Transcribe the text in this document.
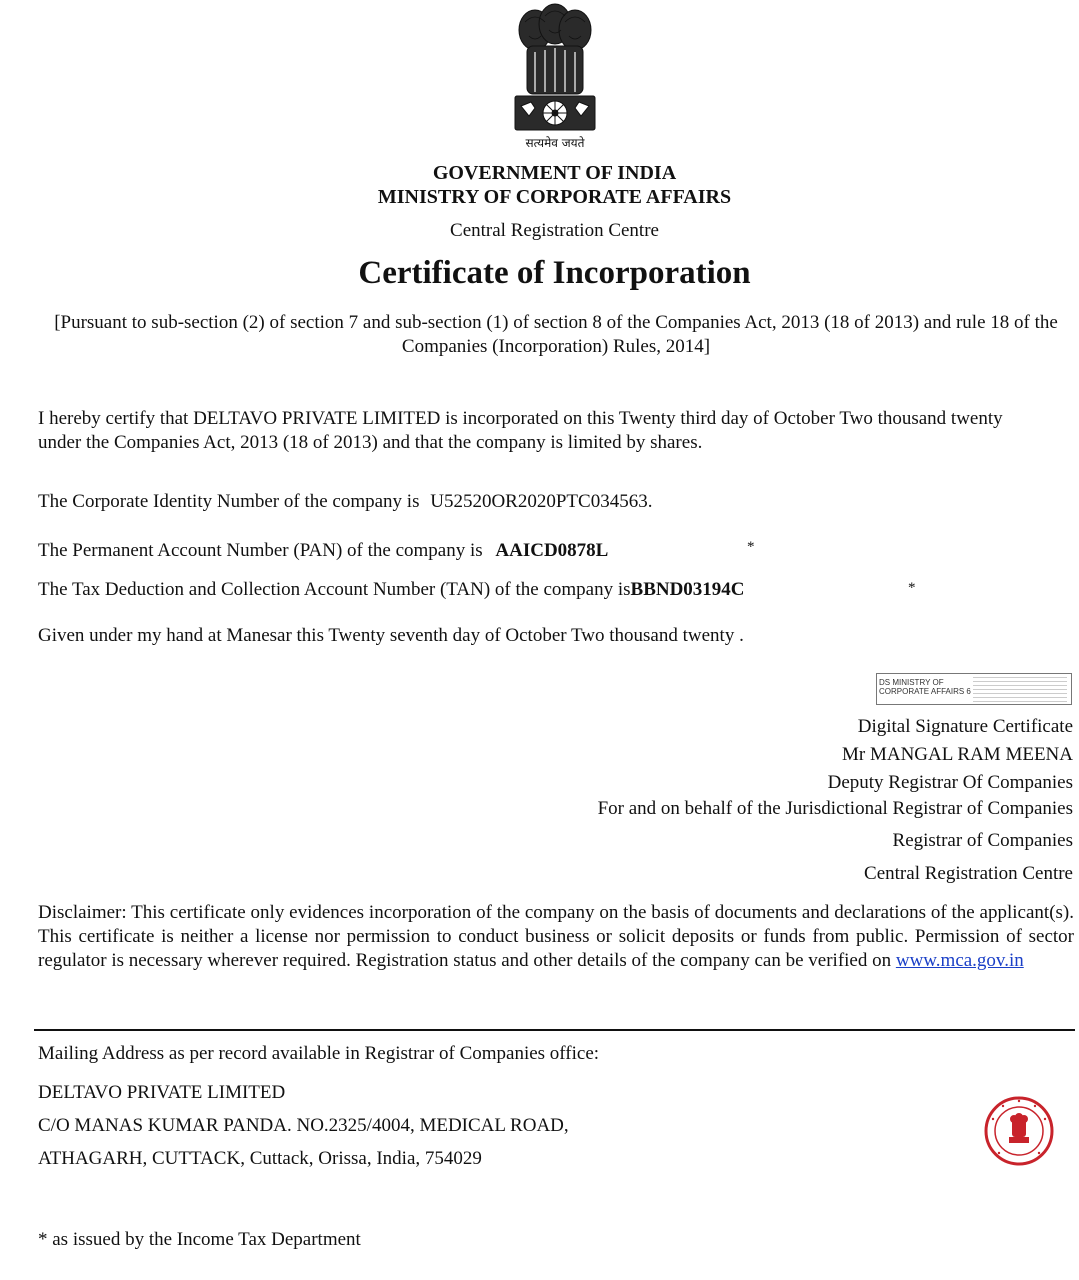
सत्यमेव जयते
GOVERNMENT OF INDIA
MINISTRY OF CORPORATE AFFAIRS
Central Registration Centre
Certificate of Incorporation
[Pursuant to sub-section (2) of section 7 and sub-section (1) of section 8 of the Companies Act, 2013 (18 of 2013) and rule 18 of the Companies (Incorporation) Rules, 2014]
I hereby certify that DELTAVO PRIVATE LIMITED is incorporated on this Twenty third day of October Two thousand twenty under the Companies Act, 2013 (18 of 2013) and that the company is limited by shares.
The Corporate Identity Number of the company is U52520OR2020PTC034563.
The Permanent Account Number (PAN) of the company is AAICD0878L	*
The Tax Deduction and Collection Account Number (TAN) of the company isBBND03194C	*
Given under my hand at Manesar this Twenty seventh day of October Two thousand twenty .
DS MINISTRY OF
CORPORATE AFFAIRS 6
Digital Signature Certificate
Mr MANGAL RAM MEENA
Deputy Registrar Of Companies
For and on behalf of the Jurisdictional Registrar of Companies
Registrar of Companies
Central Registration Centre
Disclaimer: This certificate only evidences incorporation of the company on the basis of documents and declarations of the applicant(s). This certificate is neither a license nor permission to conduct business or solicit deposits or funds from public. Permission of sector regulator is necessary wherever required. Registration status and other details of the company can be verified on www.mca.gov.in
Mailing Address as per record available in Registrar of Companies office:
DELTAVO PRIVATE LIMITED
C/O MANAS KUMAR PANDA. NO.2325/4004, MEDICAL ROAD,
ATHAGARH, CUTTACK, Cuttack, Orissa, India, 754029
* as issued by the Income Tax Department
